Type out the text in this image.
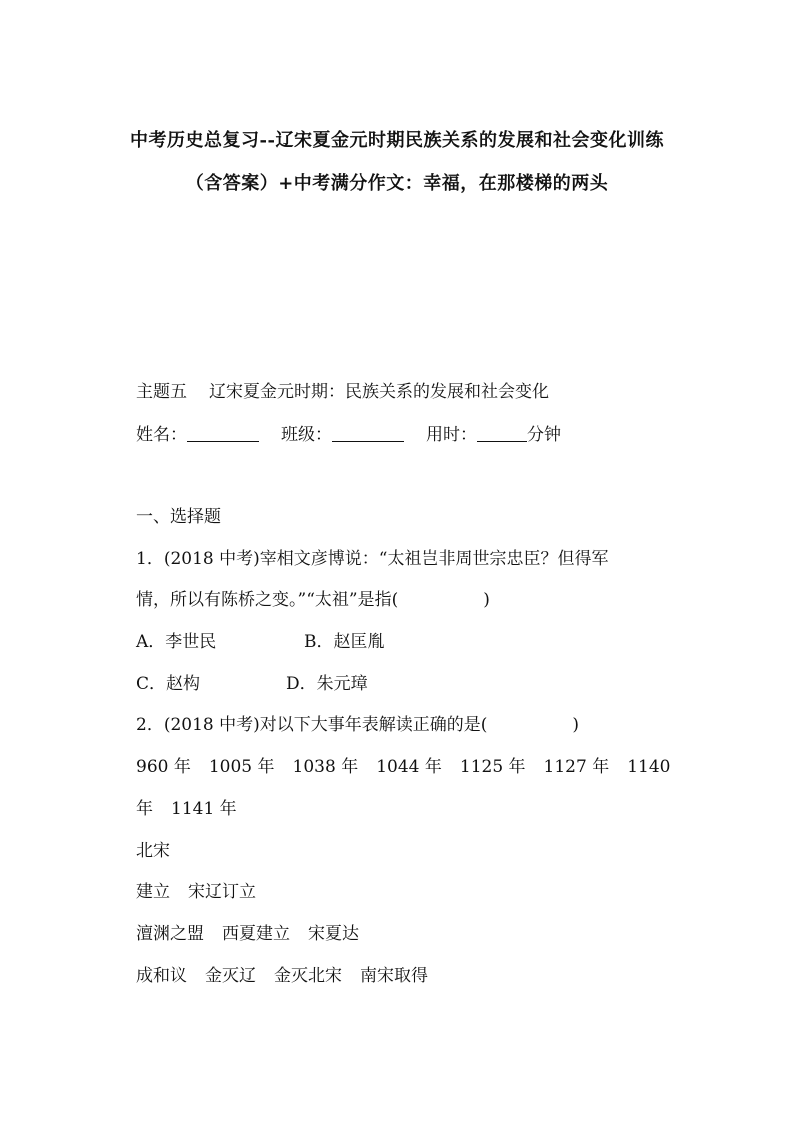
中考历史总复习--辽宋夏金元时期民族关系的发展和社会变化训练
（含答案）+中考满分作文：幸福，在那楼梯的两头
主题五 辽宋夏金元时期：民族关系的发展和社会变化
姓名：	班级：	用时：	分钟
一、选择题
1．(2018 中考)宰相文彦博说：“太祖岂非周世宗忠臣？但得军
情，所以有陈桥之变。”“太祖”是指(　　　　　)
A．李世民	B．赵匡胤
C．赵构	D．朱元璋
2．(2018 中考)对以下大事年表解读正确的是(　　　　　)
960 年 1005 年 1038 年 1044 年 1125 年 1127 年 1140
年 1141 年
北宋
建立 宋辽订立
澶渊之盟 西夏建立 宋夏达
成和议 金灭辽 金灭北宋 南宋取得
